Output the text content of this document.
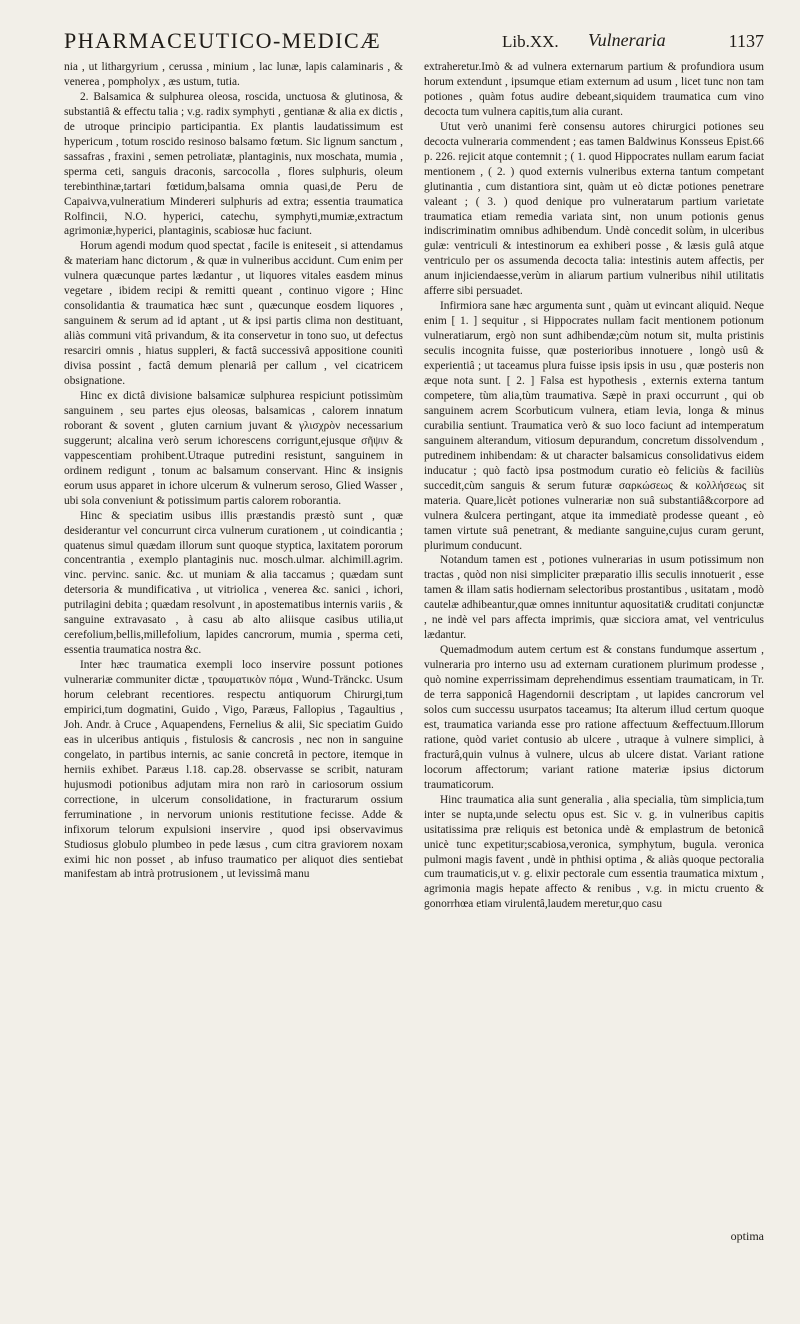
PHARMACEUTICO-MEDICÆ	Lib.XX. Vulneraria	1137

nia , ut lithargyrium , cerussa , minium , lac lunæ, lapis calaminaris , & venerea , pompholyx , æs ustum, tutia.

2. Balsamica & sulphurea oleosa, roscida, unctuosa & glutinosa, & substantiâ & effectu talia ; v.g. radix symphyti , gentianæ & alia ex dictis , de utroque principio participantia. Ex plantis laudatissimum est hypericum , totum roscido resinoso balsamo fœtum. Sic lignum sanctum , sassafras , fraxini , semen petroliatæ, plantaginis, nux moschata, mumia , sperma ceti, sanguis draconis, sarcocolla , flores sulphuris, oleum terebinthinæ,tartari fœtidum,balsama omnia quasi,de Peru de Capaivva,vulneratium Mindereri sulphuris ad extra; essentia traumatica Rolfincii, N.O. hyperici, catechu, symphyti,mumiæ,extractum agrimoniæ,hyperici, plantaginis, scabiosæ huc faciunt.

Horum agendi modum quod spectat , facile is eniteseit , si attendamus & materiam hanc dictorum , & quæ in vulneribus accidunt. Cum enim per vulnera quæcunque partes lædantur , ut liquores vitales easdem minus vegetare , ibidem recipi & remitti queant , continuo vigore ; Hinc consolidantia & traumatica hæc sunt , quæcunque eosdem liquores , sanguinem & serum ad id aptant , ut & ipsi partis clima non destituant, aliàs communi vitâ privandum, & ita conservetur in tono suo, ut defectus resarciri omnis , hiatus suppleri, & factâ successivâ appositione counitì divisa possint , factâ demum plenariâ per callum , vel cicatricem obsignatione.

Hinc ex dictâ divisione balsamicæ sulphurea respiciunt potissimùm sanguinem , seu partes ejus oleosas, balsamicas , calorem innatum roborant & sovent , gluten carnium juvant & γλισχρὸν necessarium suggerunt; alcalina verò serum ichorescens corrigunt,ejusque σῆψιν & vappescentiam prohibent.Utraque putredini resistunt, sanguinem in ordinem redigunt , tonum ac balsamum conservant. Hinc & insignis eorum usus apparet in ichore ulcerum & vulnerum seroso, Glied Wasser , ubi sola conveniunt & potissimum partis calorem roborantia.

Hinc & speciatim usibus illis præstandis præstò sunt , quæ desiderantur vel concurrunt circa vulnerum curationem , ut coindicantia ; quatenus simul quædam illorum sunt quoque styptica, laxitatem pororum concentrantia , exemplo plantaginis nuc. mosch.ulmar. alchimill.agrim. vinc. pervinc. sanic. &c. ut muniam & alia taccamus ; quædam sunt detersoria & mundificativa , ut vitriolica , venerea &c. sanici , ichori, putrilagini debita ; quædam resolvunt , in apostematibus internis variis , & sanguine extravasato , à casu ab alto aliisque casibus utilia,ut cerefolium,bellis,millefolium, lapides cancrorum, mumia , sperma ceti, essentia traumatica nostra &c.

Inter hæc traumatica exempli loco inservire possunt potiones vulnerariæ communiter dictæ , τραυματικὸν πόμα , Wund-Tränckc. Usum horum celebrant recentiores. respectu antiquorum Chirurgi,tum empirici,tum dogmatini, Guido , Vigo, Paræus, Fallopius , Tagaultius , Joh. Andr. à Cruce , Aquapendens, Fernelius & alii, Sic speciatim Guido eas in ulceribus antiquis , fistulosis & cancrosis , nec non in sanguine congelato, in partibus internis, ac sanie concretâ in pectore, itemque in herniis exhibet. Paræus l.18. cap.28. observasse se scribit, naturam hujusmodi potionibus adjutam mira non rarò in cariosorum ossium correctione, in ulcerum consolidatione, in fracturarum ossium ferruminatione , in nervorum unionis restitutione fecisse. Adde & infixorum telorum expulsioni inservire , quod ipsi observavimus Studiosus globulo plumbeo in pede læsus , cum citra graviorem noxam eximi hic non posset , ab infuso traumatico per aliquot dies sentiebat manifestam ab intrà protrusionem , ut levissimâ manu

extraheretur.Imò & ad vulnera externarum partium & profundiora usum horum extendunt , ipsumque etiam externum ad usum , licet tunc non tam potiones , quàm fotus audire debeant,siquidem traumatica cum vino decocta tum vulnera capitis,tum alia curant.

Utut verò unanimi ferè consensu autores chirurgici potiones seu decocta vulneraria commendent ; eas tamen Baldwinus Konsseus Epist.66 p. 226. rejicit atque contemnit ; ( 1. quod Hippocrates nullam earum faciat mentionem , ( 2. ) quod externis vulneribus externa tantum competant glutinantia , cum distantiora sint, quàm ut eò dictæ potiones penetrare valeant ; ( 3. ) quod denique pro vulneratarum partium varietate traumatica etiam remedia variata sint, non unum potionis genus indiscriminatim omnibus adhibendum. Undè concedit solùm, in ulceribus gulæ: ventriculi & intestinorum ea exhiberi posse , & læsis gulâ atque ventriculo per os assumenda decocta talia: intestinis autem affectis, per anum injiciendaesse,verùm in aliarum partium vulneribus nihil utilitatis afferre sibi persuadet.

Infirmiora sane hæc argumenta sunt , quàm ut evincant aliquid. Neque enim [ 1. ] sequitur , si Hippocrates nullam facit mentionem potionum vulneratiarum, ergò non sunt adhibendæ;cùm notum sit, multa pristinis seculis incognita fuisse, quæ posterioribus innotuere , longò usû & experientiâ ; ut taceamus plura fuisse ipsis ipsis in usu , quæ posteris non æque nota sunt. [ 2. ] Falsa est hypothesis , externis externa tantum competere, tùm alia,tùm traumativa. Sæpè in praxi occurrunt , qui ob sanguinem acrem Scorbuticum vulnera, etiam levia, longa & minus curabilia sentiunt. Traumatica verò & suo loco faciunt ad intemperatum sanguinem alterandum, vitiosum depurandum, concretum dissolvendum , putredinem inhibendam: & ut character balsamicus consolidativus eidem inducatur ; quò factò ipsa postmodum curatio eò feliciùs & faciliùs succedit,cùm sanguis & serum futuræ σαρκώσεως & κολλήσεως sit materia. Quare,licèt potiones vulnerariæ non suâ substantiâ&corpore ad vulnera &ulcera pertingant, atque ita immediatè prodesse queant , eò tamen virtute suâ penetrant, & mediante sanguine,cujus curam gerunt, plurimum conducunt.

Notandum tamen est , potiones vulnerarias in usum potissimum non tractas , quòd non nisi simpliciter præparatio illis seculis innotuerit , esse tamen & illam satis hodiernam selectoribus prostantibus , usitatam , modò cautelæ adhibeantur,quæ omnes innituntur aquositati& cruditati conjunctæ , ne indè vel pars affecta imprimis, quæ sicciora amat, vel ventriculus lædantur.

Quemadmodum autem certum est & constans fundumque assertum , vulneraria pro interno usu ad externam curationem plurimum prodesse , quò nomine experrissimam deprehendimus essentiam traumaticam, in Tr. de terra sapponicâ Hagendornii descriptam , ut lapides cancrorum vel solos cum successu usurpatos taceamus; Ita alterum illud certum quoque est, traumatica varianda esse pro ratione affectuum &effectuum.Illorum ratione, quòd variet contusio ab ulcere , utraque à vulnere simplici, à fracturâ,quin vulnus à vulnere, ulcus ab ulcere distat. Variant ratione locorum affectorum; variant ratione materiæ ipsius dictorum traumaticorum.

Hinc traumatica alia sunt generalia , alia specialia, tùm simplicia,tum inter se nupta,unde selectu opus est. Sic v. g. in vulneribus capitis usitatissima præ reliquis est betonica undè & emplastrum de betonicâ unicè tunc expetitur;scabiosa,veronica, symphytum, bugula. veronica pulmoni magis favent , undè in phthisi optima , & aliàs quoque pectoralia cum traumaticis,ut v. g. elixir pectorale cum essentia traumatica mixtum , agrimonia magis hepate affecto & renibus , v.g. in mictu cruento & gonorrhœa etiam virulentâ,laudem meretur,quo casu

optima
